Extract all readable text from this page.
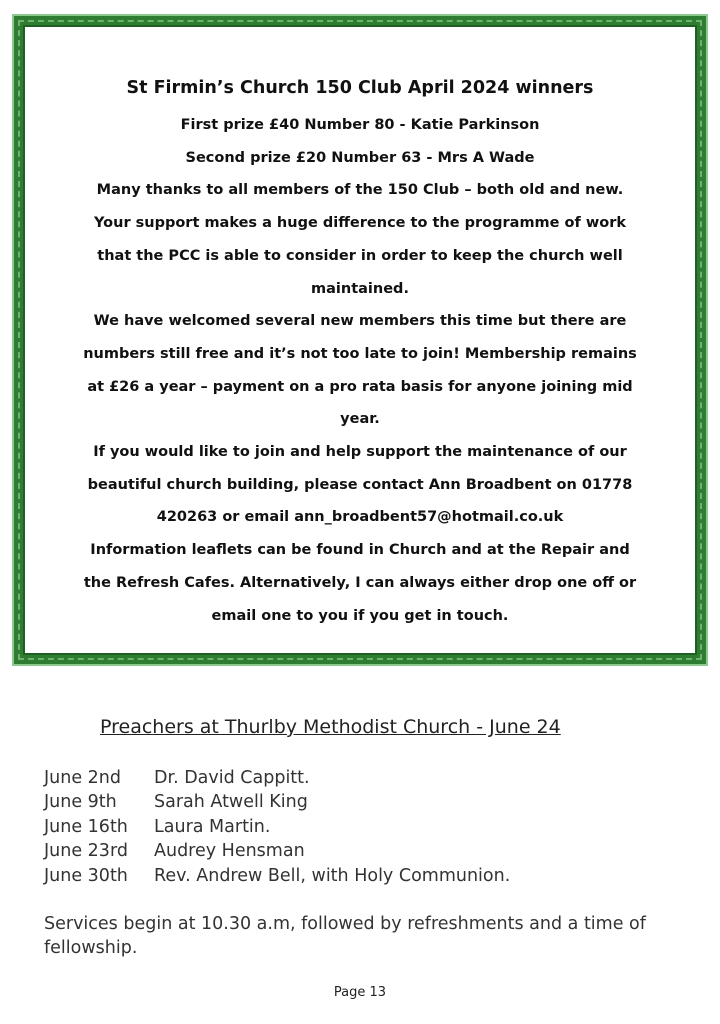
St Firmin’s Church 150 Club April 2024 winners
First prize £40 Number 80 - Katie Parkinson
Second prize £20 Number 63 - Mrs A Wade
Many thanks to all members of the 150 Club – both old and new.
Your support makes a huge difference to the programme of work
that the PCC is able to consider in order to keep the church well
maintained.
We have welcomed several new members this time but there are
numbers still free and it’s not too late to join! Membership remains
at £26 a year – payment on a pro rata basis for anyone joining mid
year.
If you would like to join and help support the maintenance of our
beautiful church building, please contact Ann Broadbent on 01778
420263 or email ann_broadbent57@hotmail.co.uk
Information leaflets can be found in Church and at the Repair and
the Refresh Cafes. Alternatively, I can always either drop one off or
email one to you if you get in touch.
Preachers at Thurlby Methodist Church - June 24
June 2nd Dr. David Cappitt.
June 9th Sarah Atwell King
June 16th Laura Martin.
June 23rd Audrey Hensman
June 30th Rev. Andrew Bell, with Holy Communion.
Services begin at 10.30 a.m, followed by refreshments and a time of fellowship.
Page 13
